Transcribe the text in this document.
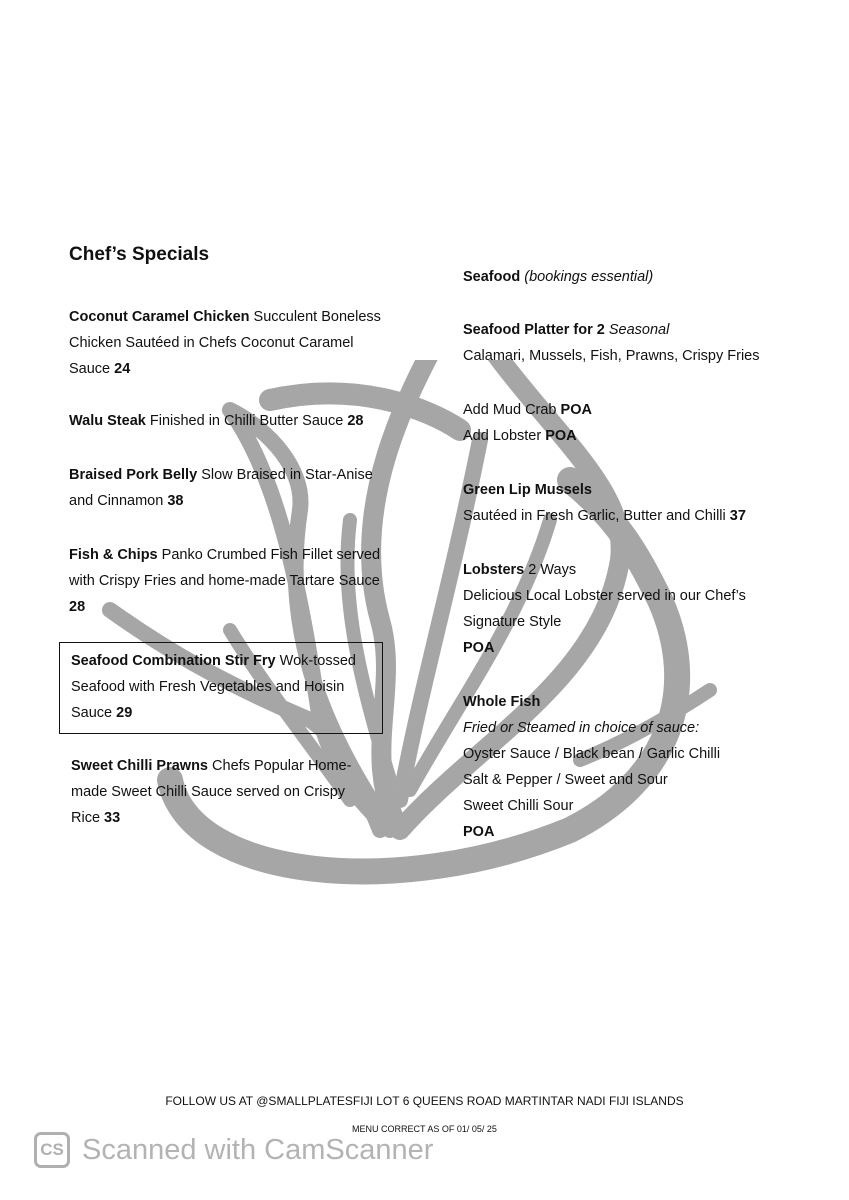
Chef’s Specials
Coconut Caramel Chicken Succulent Boneless Chicken Sautéed in Chefs Coconut Caramel Sauce 24
Walu Steak Finished in Chilli Butter Sauce 28
Braised Pork Belly Slow Braised in Star-Anise and Cinnamon 38
Fish & Chips Panko Crumbed Fish Fillet served with Crispy Fries and home-made Tartare Sauce 28
Seafood Combination Stir Fry Wok-tossed Seafood with Fresh Vegetables and Hoisin Sauce 29
Sweet Chilli Prawns Chefs Popular Home-made Sweet Chilli Sauce served on Crispy Rice 33
Seafood (bookings essential)
Seafood Platter for 2 Seasonal
Calamari, Mussels, Fish, Prawns, Crispy Fries
Add Mud Crab POA
Add Lobster POA
Green Lip Mussels
Sautéed in Fresh Garlic, Butter and Chilli 37
Lobsters 2 Ways
Delicious Local Lobster served in our Chef’s
Signature Style
POA
Whole Fish
Fried or Steamed in choice of sauce:
Oyster Sauce / Black bean / Garlic Chilli
Salt & Pepper / Sweet and Sour
Sweet Chilli Sour
POA
FOLLOW US AT @SMALLPLATESFIJI LOT 6 QUEENS ROAD MARTINTAR NADI FIJI ISLANDS
MENU CORRECT AS OF 01/ 05/ 25
CS Scanned with CamScanner
